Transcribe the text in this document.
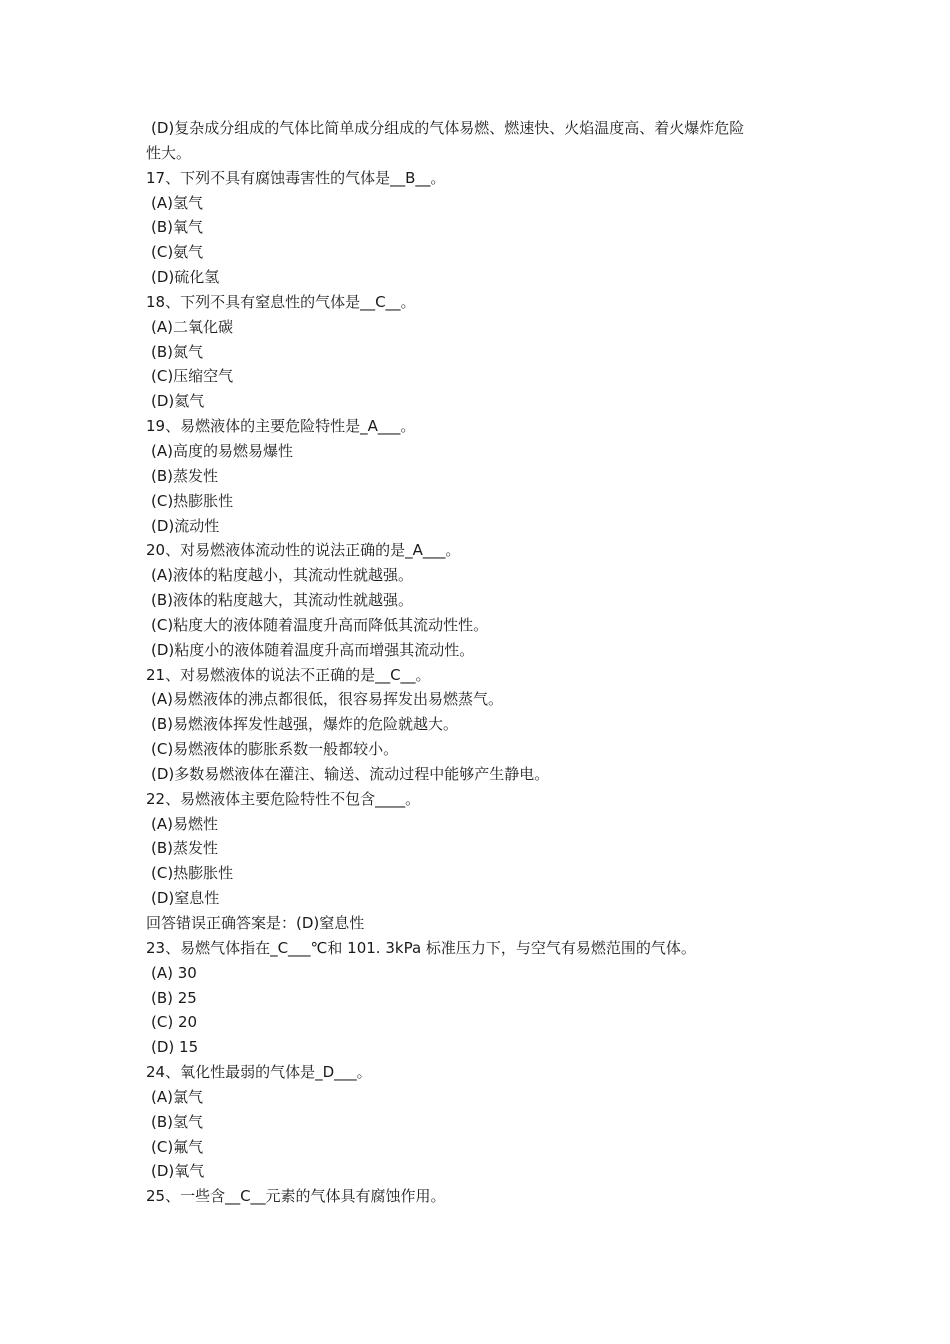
(D)复杂成分组成的气体比简单成分组成的气体易燃、燃速快、火焰温度高、着火爆炸危险
性大。
17、下列不具有腐蚀毒害性的气体是__B__。
(A)氢气
(B)氧气
(C)氨气
(D)硫化氢
18、下列不具有窒息性的气体是__C__。
(A)二氧化碳
(B)氮气
(C)压缩空气
(D)氦气
19、易燃液体的主要危险特性是_A___。
(A)高度的易燃易爆性
(B)蒸发性
(C)热膨胀性
(D)流动性
20、对易燃液体流动性的说法正确的是_A___。
(A)液体的粘度越小，其流动性就越强。
(B)液体的粘度越大，其流动性就越强。
(C)粘度大的液体随着温度升高而降低其流动性性。
(D)粘度小的液体随着温度升高而增强其流动性。
21、对易燃液体的说法不正确的是__C__。
(A)易燃液体的沸点都很低，很容易挥发出易燃蒸气。
(B)易燃液体挥发性越强，爆炸的危险就越大。
(C)易燃液体的膨胀系数一般都较小。
(D)多数易燃液体在灌注、输送、流动过程中能够产生静电。
22、易燃液体主要危险特性不包含____。
(A)易燃性
(B)蒸发性
(C)热膨胀性
(D)窒息性
回答错误正确答案是：(D)窒息性
23、易燃气体指在_C___℃和 101. 3kPa 标准压力下，与空气有易燃范围的气体。
(A) 30
(B) 25
(C) 20
(D) 15
24、氧化性最弱的气体是_D___。
(A)氯气
(B)氢气
(C)氟气
(D)氧气
25、一些含__C__元素的气体具有腐蚀作用。
